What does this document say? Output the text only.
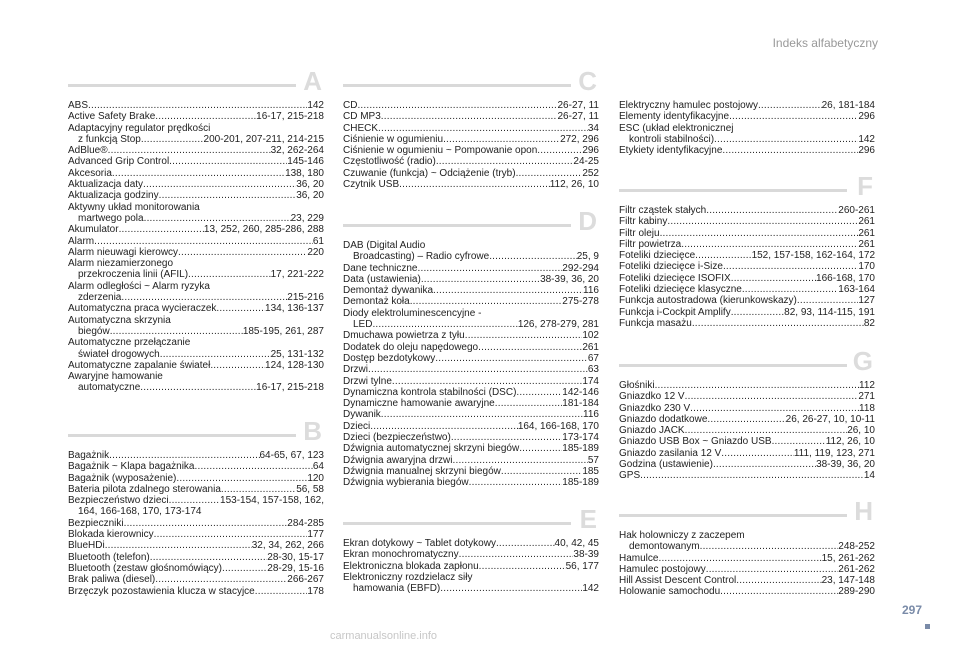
Indeks alfabetyczny
A
ABS .....	142
Active Safety Brake .....	16-17, 215-218
Adaptacyjny regulator prędkości
z funkcją Stop .....	200-201, 207-211, 214-215
AdBlue® .....	32, 262-264
Advanced Grip Control .....	145-146
Akcesoria .....	138, 180
Aktualizacja daty .....	36, 20
Aktualizacja godziny .....	36, 20
Aktywny układ monitorowania
martwego pola .....	23, 229
Akumulator .....	13, 252, 260, 285-286, 288
Alarm .....	61
Alarm nieuwagi kierowcy .....	220
Alarm niezamierzonego
przekroczenia linii (AFIL) .....	17, 221-222
Alarm odległości ~ Alarm ryzyka
zderzenia .....	215-216
Automatyczna praca wycieraczek .....	134, 136-137
Automatyczna skrzynia
biegów .....	185-195, 261, 287
Automatyczne przełączanie
świateł drogowych .....	25, 131-132
Automatyczne zapalanie świateł .....	124, 128-130
Awaryjne hamowanie
automatyczne .....	16-17, 215-218
B
Bagażnik .....	64-65, 67, 123
Bagażnik ~ Klapa bagażnika .....	64
Bagażnik (wyposażenie) .....	120
Bateria pilota zdalnego sterowania .....	56, 58
Bezpieczeństwo dzieci .....	153-154, 157-158, 162,
164, 166-168, 170, 173-174
Bezpieczniki .....	284-285
Blokada kierownicy .....	177
BlueHDi .....	32, 34, 262, 266
Bluetooth (telefon) .....	28-30, 15-17
Bluetooth (zestaw głośnomówiący) .....	28-29, 15-16
Brak paliwa (diesel) .....	266-267
Brzęczyk pozostawienia klucza w stacyjce .....	178
C
CD .....	26-27, 11
CD MP3 .....	26-27, 11
CHECK .....	34
Ciśnienie w ogumieniu .....	272, 296
Ciśnienie w ogumieniu ~ Pompowanie opon .....	296
Częstotliwość (radio) .....	24-25
Czuwanie (funkcja) ~ Odciążenie (tryb) .....	252
Czytnik USB .....	112, 26, 10
D
DAB (Digital Audio
Broadcasting) – Radio cyfrowe .....	25, 9
Dane techniczne .....	292-294
Data (ustawienia) .....	38-39, 36, 20
Demontaż dywanika .....	116
Demontaż koła .....	275-278
Diody elektroluminescencyjne -
LED .....	126, 278-279, 281
Dmuchawa powietrza z tyłu .....	102
Dodatek do oleju napędowego .....	261
Dostęp bezdotykowy .....	67
Drzwi .....	63
Drzwi tylne .....	174
Dynamiczna kontrola stabilności (DSC) .....	142-146
Dynamiczne hamowanie awaryjne .....	181-184
Dywanik .....	116
Dzieci .....	164, 166-168, 170
Dzieci (bezpieczeństwo) .....	173-174
Dźwignia automatycznej skrzyni biegów .....	185-189
Dźwignia awaryjna drzwi .....	57
Dźwignia manualnej skrzyni biegów .....	185
Dźwignia wybierania biegów .....	185-189
E
Ekran dotykowy ~ Tablet dotykowy .....	40, 42, 45
Ekran monochromatyczny .....	38-39
Elektroniczna blokada zapłonu .....	56, 177
Elektroniczny rozdzielacz siły
hamowania (EBFD) .....	142
Elektryczny hamulec postojowy .....	26, 181-184
Elementy identyfikacyjne .....	296
ESC (układ elektronicznej
kontroli stabilności) .....	142
Etykiety identyfikacyjne .....	296
F
Filtr cząstek stałych .....	260-261
Filtr kabiny .....	261
Filtr oleju .....	261
Filtr powietrza .....	261
Foteliki dziecięce .....	152, 157-158, 162-164, 172
Foteliki dziecięce i-Size .....	170
Foteliki dziecięce ISOFIX .....	166-168, 170
Foteliki dziecięce klasyczne .....	163-164
Funkcja autostradowa (kierunkowskazy) .....	127
Funkcja i-Cockpit Amplify .....	82, 93, 114-115, 191
Funkcja masażu .....	82
G
Głośniki .....	112
Gniazdko 12 V .....	271
Gniazdko 230 V .....	118
Gniazdo dodatkowe .....	26, 26-27, 10, 10-11
Gniazdo JACK .....	26, 10
Gniazdo USB Box ~ Gniazdo USB .....	112, 26, 10
Gniazdo zasilania 12 V .....	111, 119, 123, 271
Godzina (ustawienie) .....	38-39, 36, 20
GPS .....	14
H
Hak holowniczy z zaczepem
demontowanym .....	248-252
Hamulce .....	15, 261-262
Hamulec postojowy .....	261-262
Hill Assist Descent Control .....	23, 147-148
Holowanie samochodu .....	289-290
297
carmanualsonline.info
